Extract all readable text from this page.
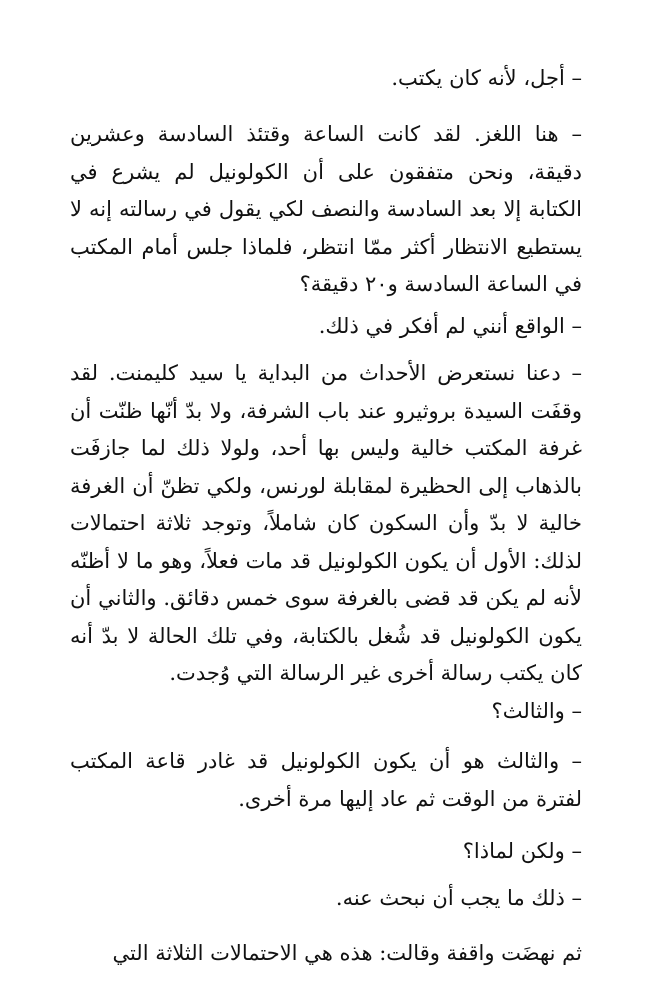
– أجل، لأنه كان يكتب.

– هنا اللغز. لقد كانت الساعة وقتئذ السادسة وعشرين دقيقة، ونحن متفقون على أن الكولونيل لم يشرع في الكتابة إلا بعد السادسة والنصف لكي يقول في رسالته إنه لا يستطيع الانتظار أكثر ممّا انتظر، فلماذا جلس أمام المكتب في الساعة السادسة و٢٠ دقيقة؟

– الواقع أنني لم أفكر في ذلك.

– دعنا نستعرض الأحداث من البداية يا سيد كليمنت. لقد وقفَت السيدة بروثيرو عند باب الشرفة، ولا بدّ أنّها ظنّت أن غرفة المكتب خالية وليس بها أحد، ولولا ذلك لما جازفَت بالذهاب إلى الحظيرة لمقابلة لورنس، ولكي تظنّ أن الغرفة خالية لا بدّ وأن السكون كان شاملاً، وتوجد ثلاثة احتمالات لذلك: الأول أن يكون الكولونيل قد مات فعلاً، وهو ما لا أظنّه لأنه لم يكن قد قضى بالغرفة سوى خمس دقائق. والثاني أن يكون الكولونيل قد شُغل بالكتابة، وفي تلك الحالة لا بدّ أنه كان يكتب رسالة أخرى غير الرسالة التي وُجدت.

– والثالث؟

– والثالث هو أن يكون الكولونيل قد غادر قاعة المكتب لفترة من الوقت ثم عاد إليها مرة أخرى.

– ولكن لماذا؟

– ذلك ما يجب أن نبحث عنه.

ثم نهضَت واقفة وقالت: هذه هي الاحتمالات الثلاثة التي
